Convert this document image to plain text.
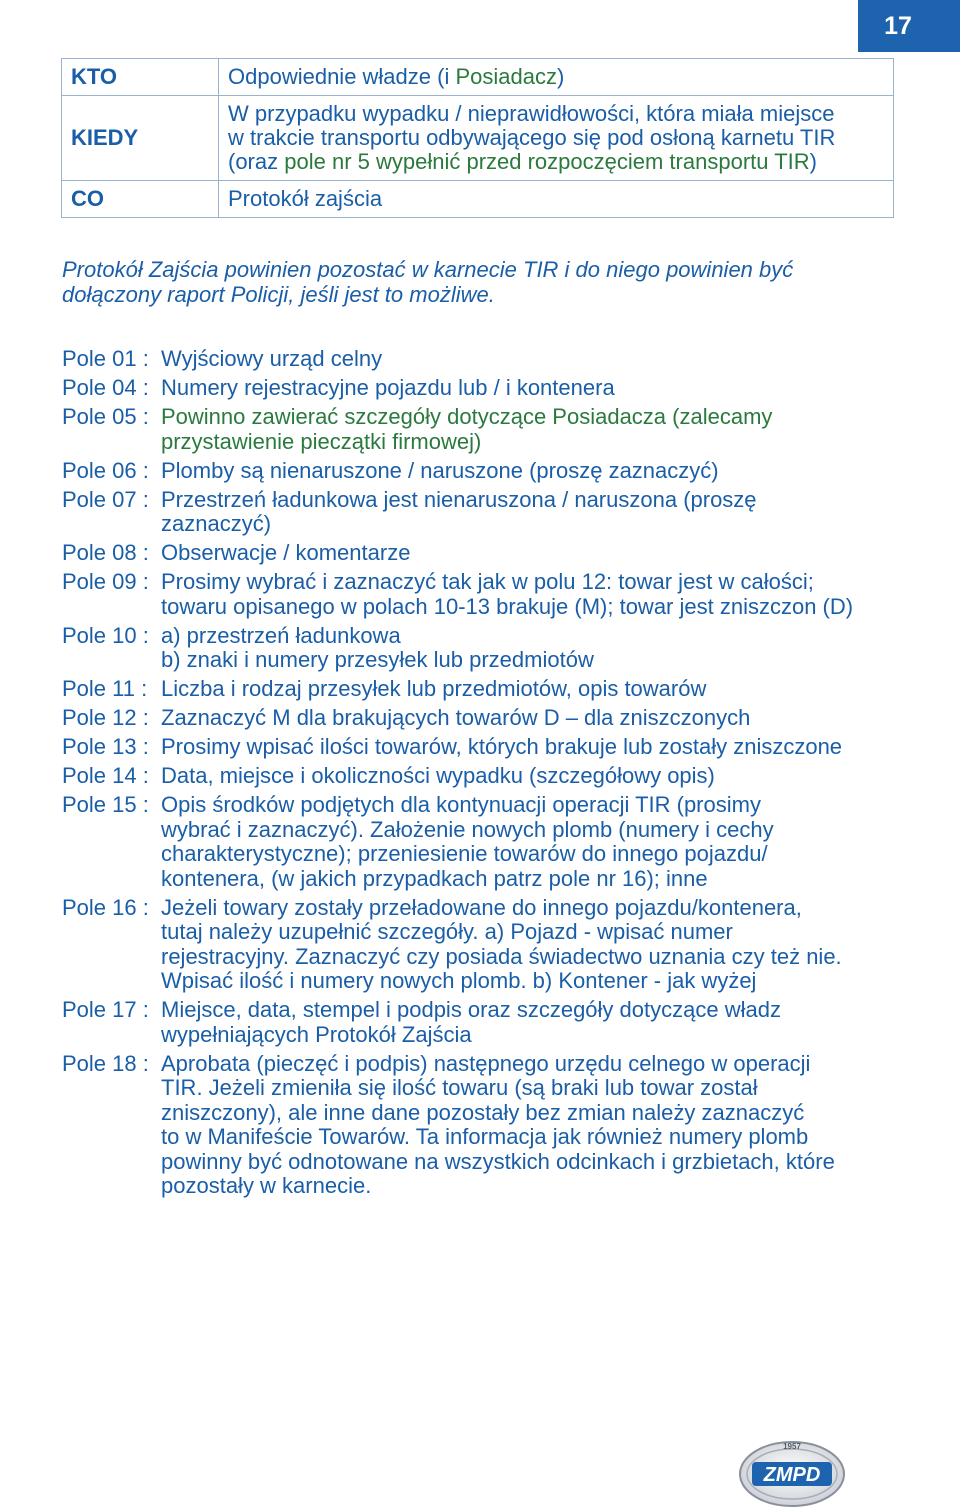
17
KTO	Odpowiednie władze (i Posiadacz)
KIEDY	W przypadku wypadku / nieprawidłowości, która miała miejsce
w trakcie transportu odbywającego się pod osłoną karnetu TIR
(oraz pole nr 5 wypełnić przed rozpoczęciem transportu TIR)

CO	Protokół zajścia
Protokół Zajścia powinien pozostać w karnecie TIR i do niego powinien być
dołączony raport Policji, jeśli jest to możliwe.
Pole 01 : Wyjściowy urząd celny
Pole 04 : Numery rejestracyjne pojazdu lub / i kontenera
Pole 05 : Powinno zawierać szczegóły dotyczące Posiadacza (zalecamy
przystawienie pieczątki firmowej)
Pole 06 : Plomby są nienaruszone / naruszone (proszę zaznaczyć)
Pole 07 : Przestrzeń ładunkowa jest nienaruszona / naruszona (proszę
zaznaczyć)
Pole 08 : Obserwacje / komentarze
Pole 09 : Prosimy wybrać i zaznaczyć tak jak w polu 12: towar jest w całości;
towaru opisanego w polach 10-13 brakuje (M); towar jest zniszczon (D)
Pole 10 : a) przestrzeń ładunkowa
b) znaki i numery przesyłek lub przedmiotów
Pole 11 : Liczba i rodzaj przesyłek lub przedmiotów, opis towarów
Pole 12 : Zaznaczyć M dla brakujących towarów D – dla zniszczonych
Pole 13 : Prosimy wpisać ilości towarów, których brakuje lub zostały zniszczone
Pole 14 : Data, miejsce i okoliczności wypadku (szczegółowy opis)
Pole 15 : Opis środków podjętych dla kontynuacji operacji TIR (prosimy
wybrać i zaznaczyć). Założenie nowych plomb (numery i cechy
charakterystyczne); przeniesienie towarów do innego pojazdu/
kontenera, (w jakich przypadkach patrz pole nr 16); inne
Pole 16 : Jeżeli towary zostały przeładowane do innego pojazdu/kontenera,
tutaj należy uzupełnić szczegóły. a) Pojazd - wpisać numer
rejestracyjny. Zaznaczyć czy posiada świadectwo uznania czy też nie.
Wpisać ilość i numery nowych plomb. b) Kontener - jak wyżej
Pole 17 : Miejsce, data, stempel i podpis oraz szczegóły dotyczące władz
wypełniających Protokół Zajścia
Pole 18 : Aprobata (pieczęć i podpis) następnego urzędu celnego w operacji
TIR. Jeżeli zmieniła się ilość towaru (są braki lub towar został
zniszczony), ale inne dane pozostały bez zmian należy zaznaczyć
to w Manifeście Towarów. Ta informacja jak również numery plomb
powinny być odnotowane na wszystkich odcinkach i grzbietach, które
pozostały w karnecie.
1957
ZMPD
